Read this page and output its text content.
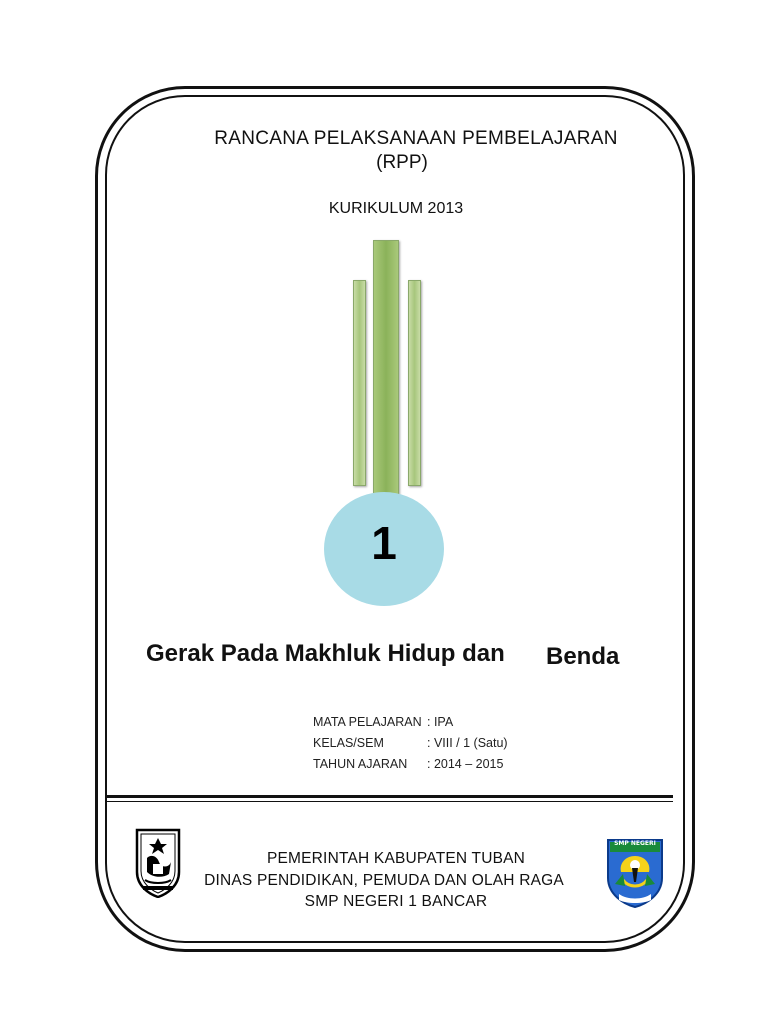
RANCANA PELAKSANAAN PEMBELAJARAN
(RPP)
KURIKULUM 2013
1
Gerak Pada Makhluk Hidup dan Benda
MATA PELAJARAN : IPA
KELAS/SEM	: VIII / 1 (Satu)
TAHUN AJARAN : 2014 – 2015
SMP NEGERI
PEMERINTAH KABUPATEN TUBAN
DINAS PENDIDIKAN, PEMUDA DAN OLAH RAGA
SMP NEGERI 1 BANCAR
